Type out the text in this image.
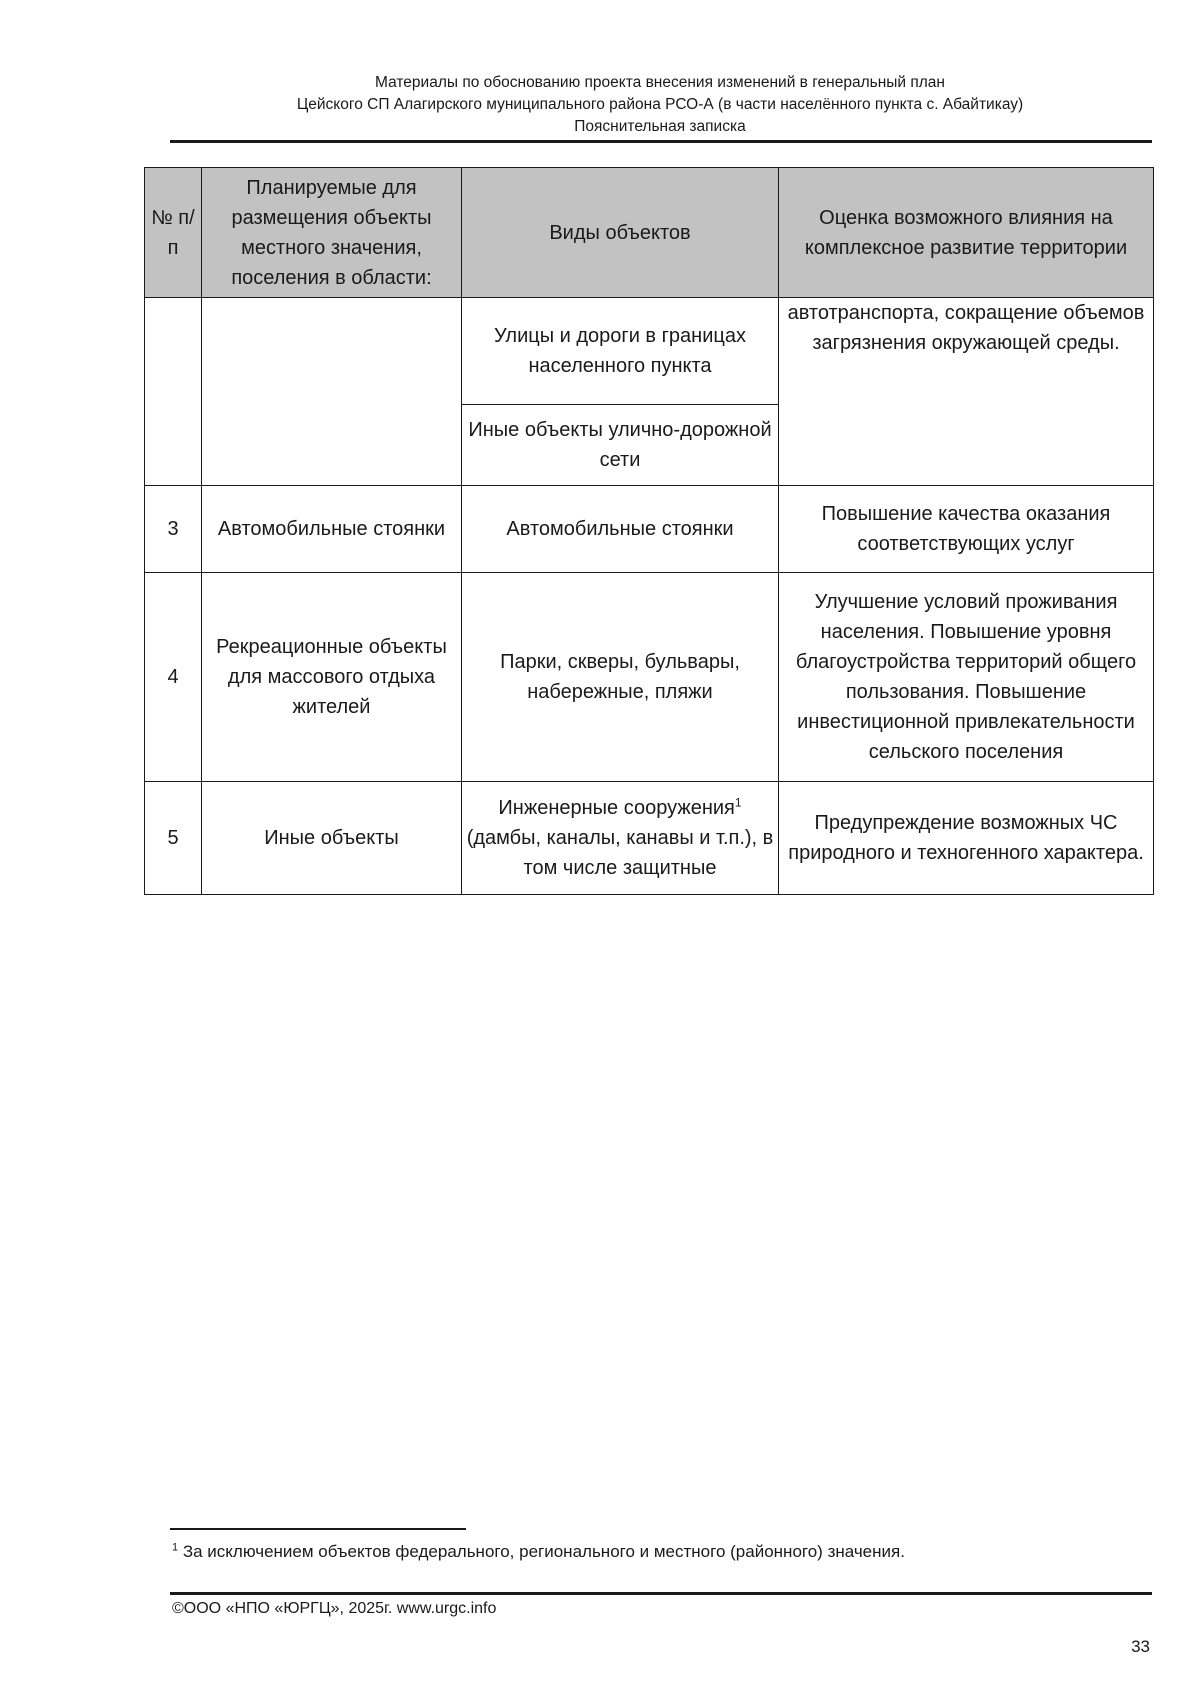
Материалы по обоснованию проекта внесения изменений в генеральный план
Цейского СП Алагирского муниципального района РСО-А (в части населённого пункта с. Абайтикау)
Пояснительная записка
№ п/п	Планируемые для размещения объекты местного значения, поселения в области:	Виды объектов	Оценка возможного влияния на комплексное развитие территории
		Улицы и дороги в границах населенного пункта	автотранспорта, сокращение объемов загрязнения окружающей среды.
		Иные объекты улично-дорожной сети	
3	Автомобильные стоянки	Автомобильные стоянки	Повышение качества оказания соответствующих услуг
4	Рекреационные объекты для массового отдыха жителей	Парки, скверы, бульвары, набережные, пляжи	Улучшение условий проживания населения. Повышение уровня благоустройства территорий общего пользования. Повышение инвестиционной привлекательности сельского поселения
5	Иные объекты	Инженерные сооружения$^1$ (дамбы, каналы, канавы и т.п.), в том числе защитные	Предупреждение возможных ЧС природного и техногенного характера.
$^1$ За исключением объектов федерального, регионального и местного (районного) значения.
©ООО «НПО «ЮРГЦ», 2025г. www.urgc.info
33
